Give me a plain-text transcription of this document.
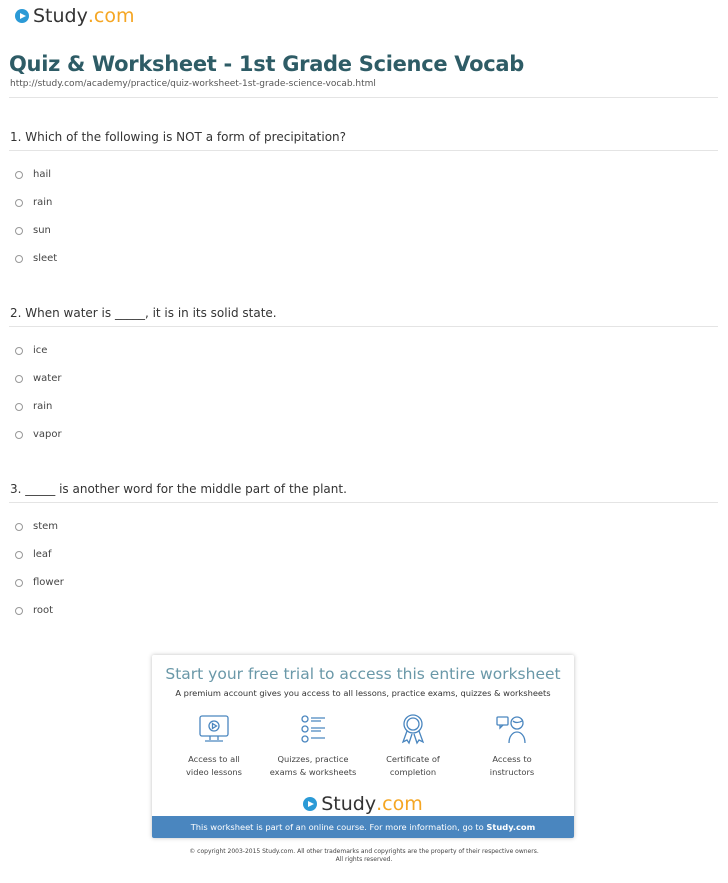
Study .com
Quiz & Worksheet - 1st Grade Science Vocab
http://study.com/academy/practice/quiz-worksheet-1st-grade-science-vocab.html
1. Which of the following is NOT a form of precipitation?
hail
rain
sun
sleet
2. When water is _____, it is in its solid state.
ice
water
rain
vapor
3. _____ is another word for the middle part of the plant.
stem
leaf
flower
root
Start your free trial to access this entire worksheet
A premium account gives you access to all lessons, practice exams, quizzes & worksheets
Access to all
video lessons
Quizzes, practice
exams & worksheets
Certificate of
completion
Access to
instructors
Study .com
This worksheet is part of an online course. For more information, go to Study.com
© copyright 2003-2015 Study.com. All other trademarks and copyrights are the property of their respective owners.
All rights reserved.
